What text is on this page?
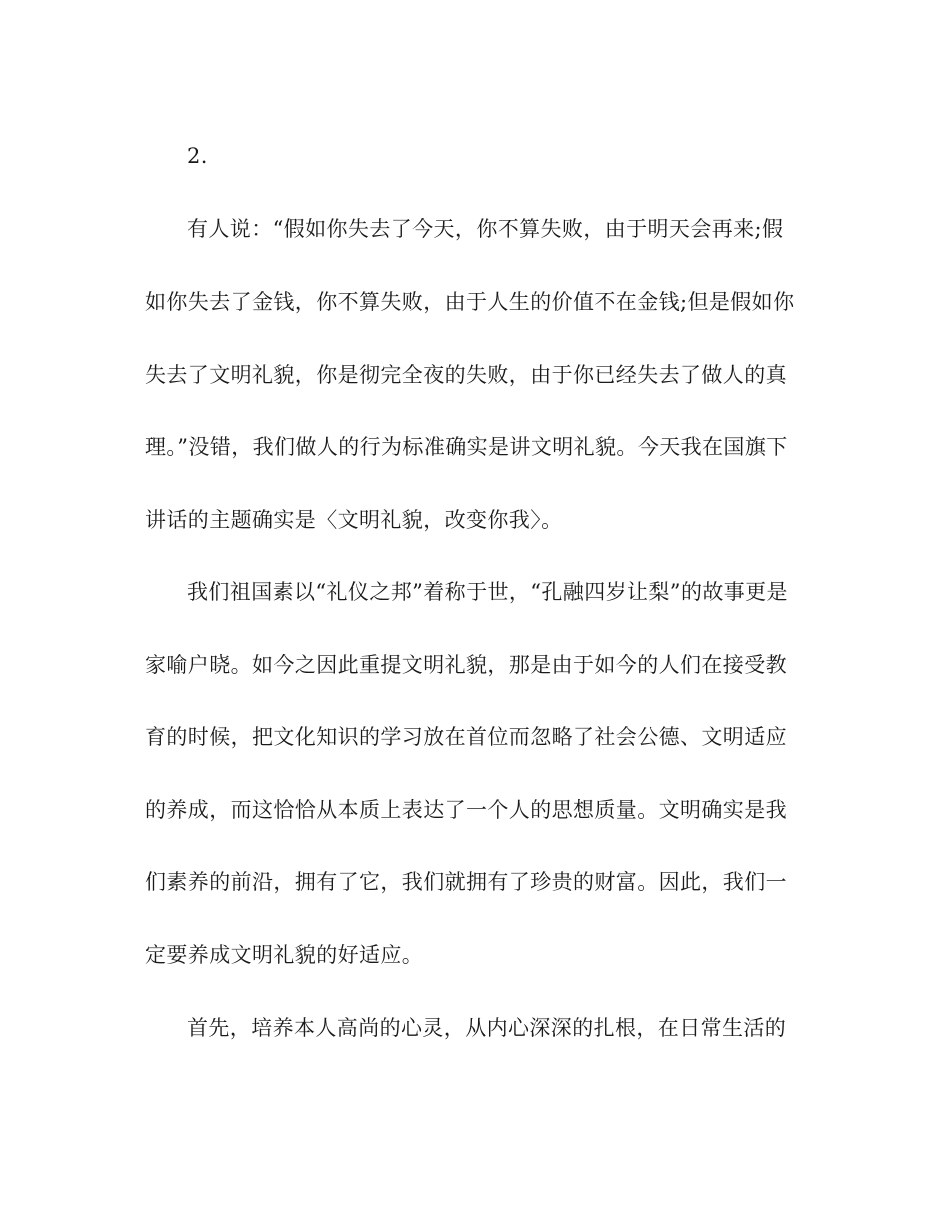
2.
有人说：“假如你失去了今天，你不算失败，由于明天会再来;假
如你失去了金钱，你不算失败，由于人生的价值不在金钱;但是假如你
失去了文明礼貌，你是彻完全夜的失败，由于你已经失去了做人的真
理。”没错，我们做人的行为标准确实是讲文明礼貌。今天我在国旗下
讲话的主题确实是〈文明礼貌，改变你我〉。
我们祖国素以“礼仪之邦”着称于世，“孔融四岁让梨”的故事更是
家喻户晓。如今之因此重提文明礼貌，那是由于如今的人们在接受教
育的时候，把文化知识的学习放在首位而忽略了社会公德、文明适应
的养成，而这恰恰从本质上表达了一个人的思想质量。文明确实是我
们素养的前沿，拥有了它，我们就拥有了珍贵的财富。因此，我们一
定要养成文明礼貌的好适应。
首先，培养本人高尚的心灵，从内心深深的扎根，在日常生活的
